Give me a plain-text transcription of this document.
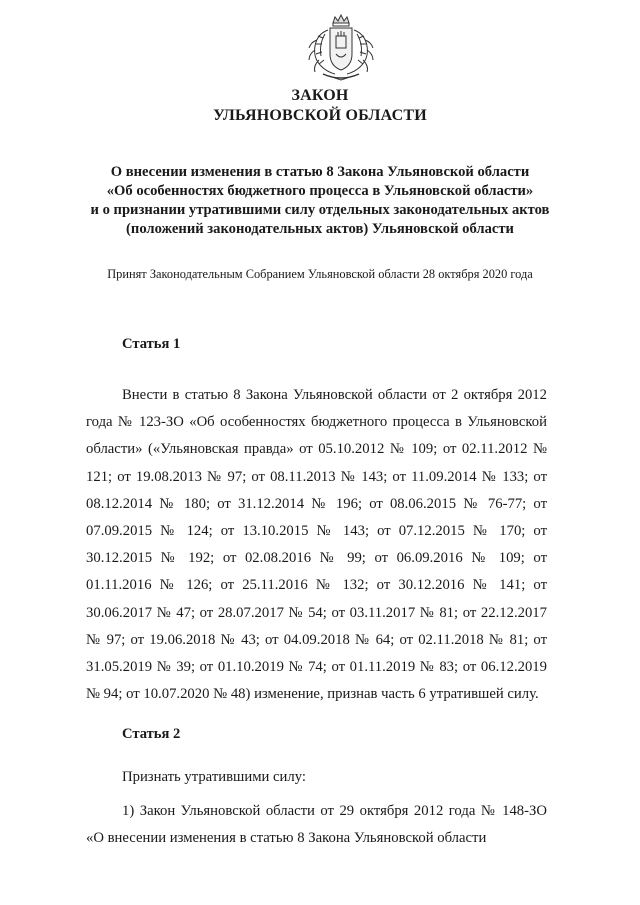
ЗАКОН
УЛЬЯНОВСКОЙ ОБЛАСТИ
О внесении изменения в статью 8 Закона Ульяновской области
«Об особенностях бюджетного процесса в Ульяновской области»
и о признании утратившими силу отдельных законодательных актов
(положений законодательных актов) Ульяновской области
Принят Законодательным Собранием Ульяновской области 28 октября 2020 года
Статья 1

Внести в статью 8 Закона Ульяновской области от 2 октября 2012 года № 123-ЗО «Об особенностях бюджетного процесса в Ульяновской области» («Ульяновская правда» от 05.10.2012 № 109; от 02.11.2012 № 121; от 19.08.2013 № 97; от 08.11.2013 № 143; от 11.09.2014 № 133; от 08.12.2014 № 180; от 31.12.2014 № 196; от 08.06.2015 № 76-77; от 07.09.2015 № 124; от 13.10.2015 № 143; от 07.12.2015 № 170; от 30.12.2015 № 192; от 02.08.2016 № 99; от 06.09.2016 № 109; от 01.11.2016 № 126; от 25.11.2016 № 132; от 30.12.2016 № 141; от 30.06.2017 № 47; от 28.07.2017 № 54; от 03.11.2017 № 81; от 22.12.2017 № 97; от 19.06.2018 № 43; от 04.09.2018 № 64; от 02.11.2018 № 81; от 31.05.2019 № 39; от 01.10.2019 № 74; от 01.11.2019 № 83; от 06.12.2019 № 94; от 10.07.2020 № 48) изменение, признав часть 6 утратившей силу.

Статья 2
Признать утратившими силу:

1) Закон Ульяновской области от 29 октября 2012 года № 148-ЗО «О внесении изменения в статью 8 Закона Ульяновской области
